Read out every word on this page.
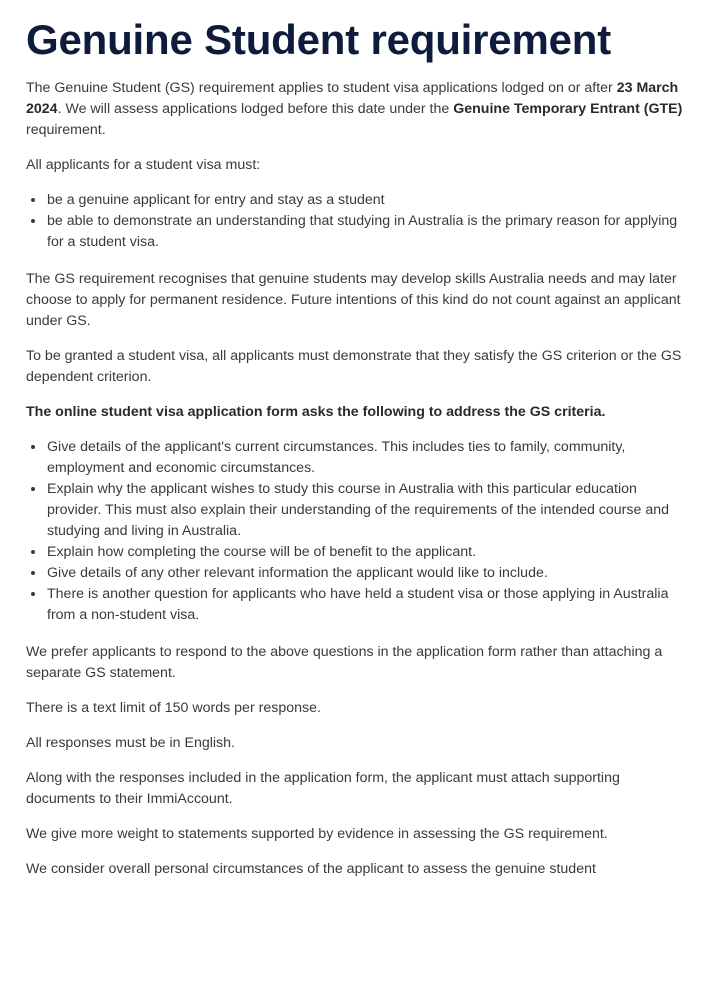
Genuine Student requirement

The Genuine Student (GS) requirement applies to student visa applications lodged on or after 23 March 2024. We will assess applications lodged before this date under the Genuine Temporary Entrant (GTE) requirement.

All applicants for a student visa must:

• be a genuine applicant for entry and stay as a student
• be able to demonstrate an understanding that studying in Australia is the primary reason for applying for a student visa.

The GS requirement recognises that genuine students may develop skills Australia needs and may later choose to apply for permanent residence. Future intentions of this kind do not count against an applicant under GS.

To be granted a student visa, all applicants must demonstrate that they satisfy the GS criterion or the GS dependent criterion.

The online student visa application form asks the following to address the GS criteria.

• Give details of the applicant's current circumstances. This includes ties to family, community, employment and economic circumstances.
• Explain why the applicant wishes to study this course in Australia with this particular education provider. This must also explain their understanding of the requirements of the intended course and studying and living in Australia.
• Explain how completing the course will be of benefit to the applicant.
• Give details of any other relevant information the applicant would like to include.
• There is another question for applicants who have held a student visa or those applying in Australia from a non-student visa.

We prefer applicants to respond to the above questions in the application form rather than attaching a separate GS statement.

There is a text limit of 150 words per response.

All responses must be in English.

Along with the responses included in the application form, the applicant must attach supporting documents to their ImmiAccount.

We give more weight to statements supported by evidence in assessing the GS requirement.

We consider overall personal circumstances of the applicant to assess the genuine student
